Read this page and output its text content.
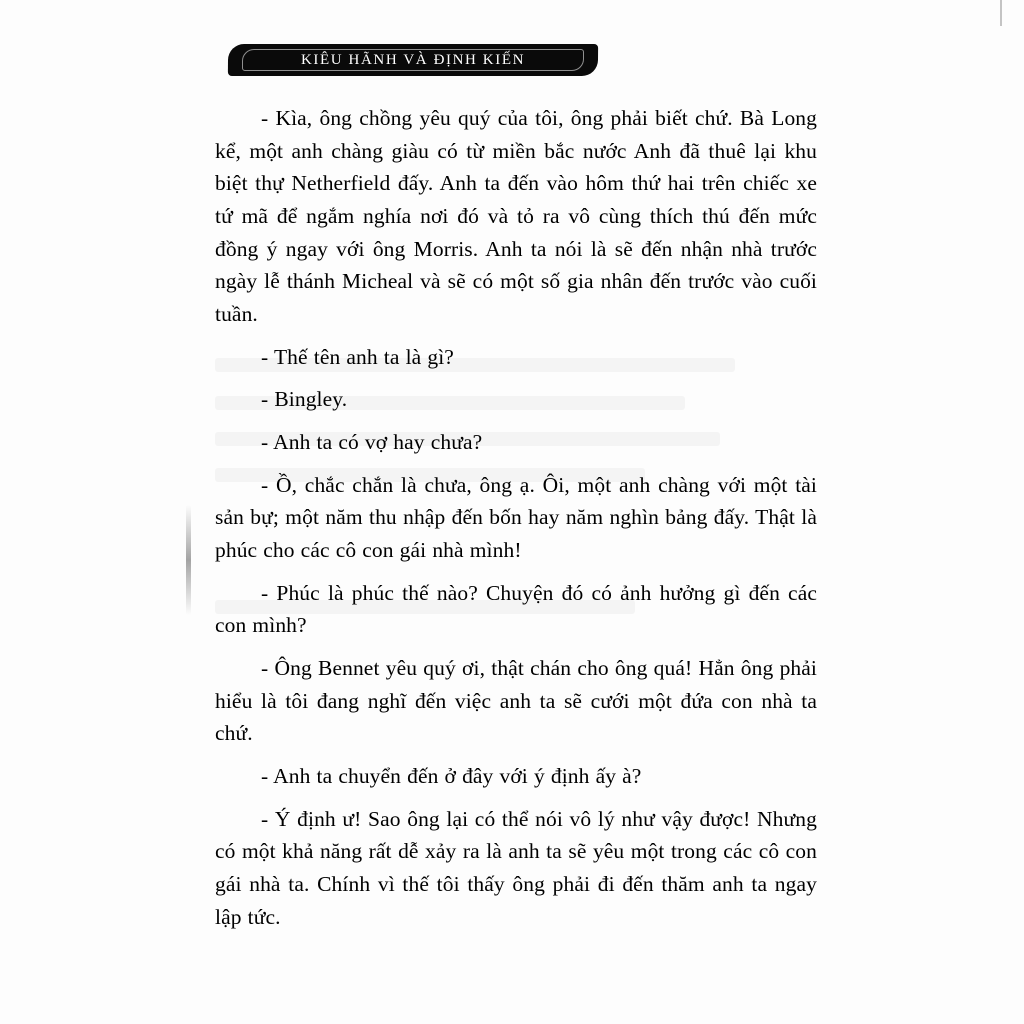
KIÊU HÃNH VÀ ĐỊNH KIẾN

- Kìa, ông chồng yêu quý của tôi, ông phải biết chứ. Bà Long kể, một anh chàng giàu có từ miền bắc nước Anh đã thuê lại khu biệt thự Netherfield đấy. Anh ta đến vào hôm thứ hai trên chiếc xe tứ mã để ngắm nghía nơi đó và tỏ ra vô cùng thích thú đến mức đồng ý ngay với ông Morris. Anh ta nói là sẽ đến nhận nhà trước ngày lễ thánh Micheal và sẽ có một số gia nhân đến trước vào cuối tuần.

- Thế tên anh ta là gì?

- Bingley.

- Anh ta có vợ hay chưa?

- Ồ, chắc chắn là chưa, ông ạ. Ôi, một anh chàng với một tài sản bự; một năm thu nhập đến bốn hay năm nghìn bảng đấy. Thật là phúc cho các cô con gái nhà mình!

- Phúc là phúc thế nào? Chuyện đó có ảnh hưởng gì đến các con mình?

- Ông Bennet yêu quý ơi, thật chán cho ông quá! Hẳn ông phải hiểu là tôi đang nghĩ đến việc anh ta sẽ cưới một đứa con nhà ta chứ.

- Anh ta chuyển đến ở đây với ý định ấy à?

- Ý định ư! Sao ông lại có thể nói vô lý như vậy được! Nhưng có một khả năng rất dễ xảy ra là anh ta sẽ yêu một trong các cô con gái nhà ta. Chính vì thế tôi thấy ông phải đi đến thăm anh ta ngay lập tức.
